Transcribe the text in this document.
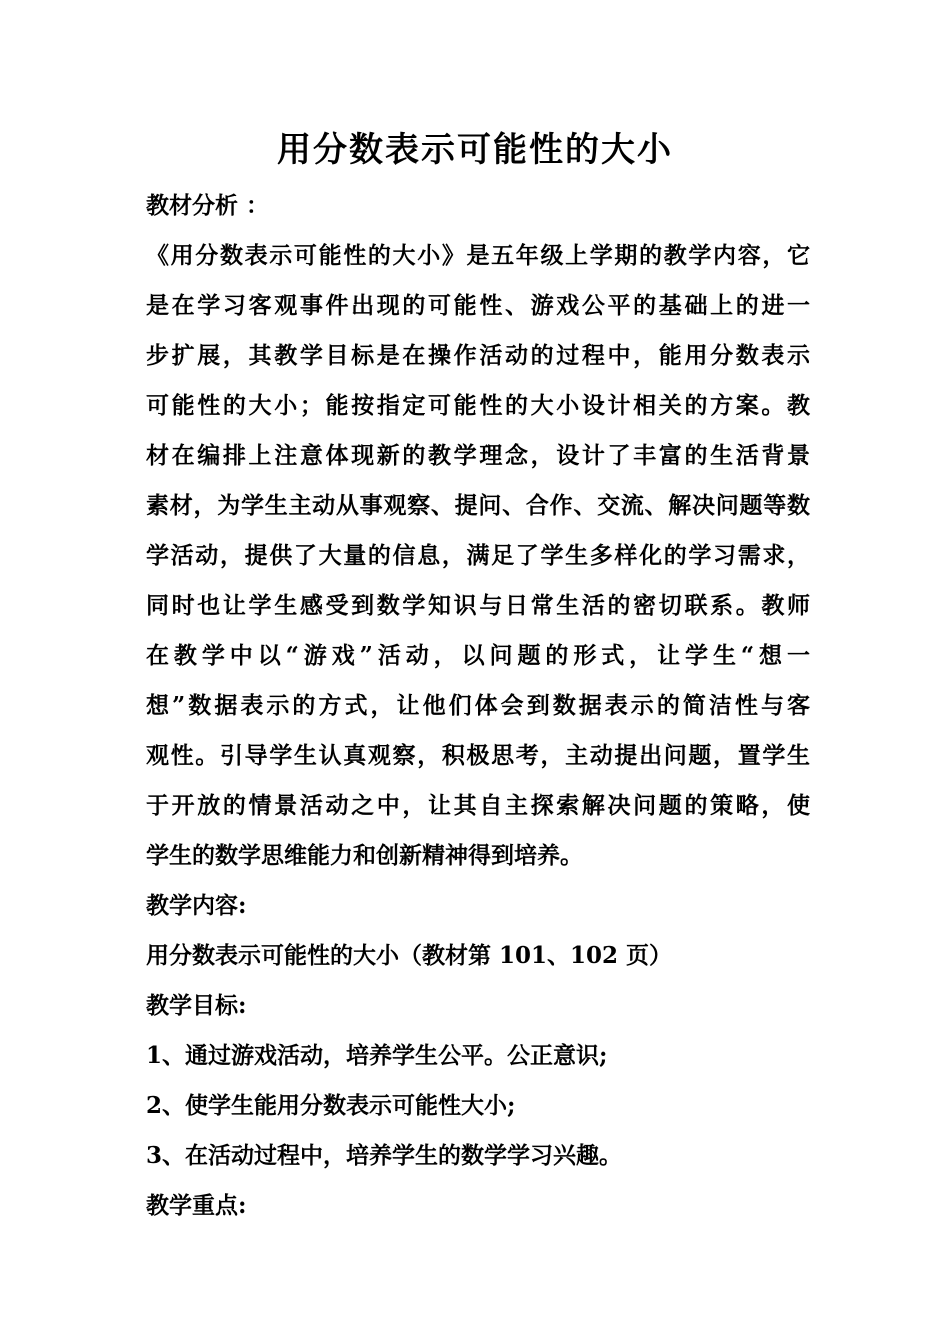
用分数表示可能性的大小
教材分析 ：
《用分数表示可能性的大小》是五年级上学期的教学内容，它
是在学习客观事件出现的可能性、游戏公平的基础上的进一
步扩展，其教学目标是在操作活动的过程中，能用分数表示
可能性的大小；能按指定可能性的大小设计相关的方案。教
材在编排上注意体现新的教学理念，设计了丰富的生活背景
素材，为学生主动从事观察、提问、合作、交流、解决问题等数
学活动，提供了大量的信息，满足了学生多样化的学习需求，
同时也让学生感受到数学知识与日常生活的密切联系。教师
在教学中以“游戏”活动，以问题的形式，让学生“想一
想”数据表示的方式，让他们体会到数据表示的简洁性与客
观性。引导学生认真观察，积极思考，主动提出问题，置学生
于开放的情景活动之中，让其自主探索解决问题的策略，使
学生的数学思维能力和创新精神得到培养。
教学内容:
用分数表示可能性的大小（教材第 101、102 页）
教学目标:
1、通过游戏活动，培养学生公平。公正意识;
2、使学生能用分数表示可能性大小;
3、在活动过程中，培养学生的数学学习兴趣。
教学重点:
